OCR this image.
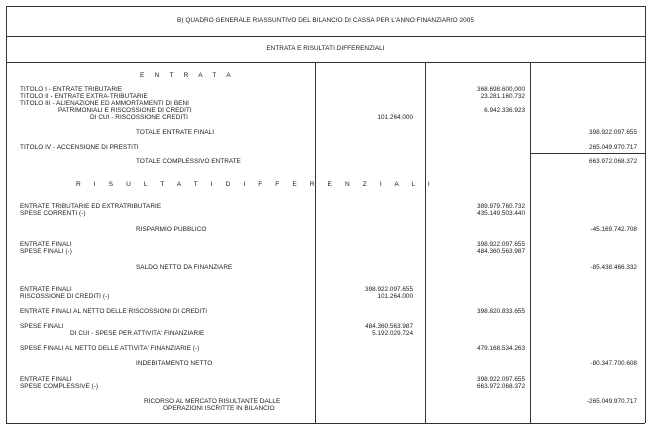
B) QUADRO GENERALE RIASSUNTIVO DEL BILANCIO DI CASSA PER L'ANNO FINANZIARIO 2005
ENTRATA E RISULTATI DIFFERENZIALI
E N T R A T A
TITOLO I - ENTRATE TRIBUTARIE	368.698.600,000
TITOLO II - ENTRATE EXTRA-TRIBUTARIE	23.281.160.732
TITOLO III - ALIENAZIONE ED AMMORTAMENTI DI BENI
PATRIMONIALI E RISCOSSIONE DI CREDITI	6.942.336.923
DI CUI - RISCOSSIONE CREDITI	101.264.000
TOTALE ENTRATE FINALI	398.922.097.655
TITOLO IV - ACCENSIONE DI PRESTITI	265.049.970.717
TOTALE COMPLESSIVO ENTRATE	663.972.068.372
R I S U L T A T I D I F F E R E N Z I A L I
ENTRATE TRIBUTARIE ED EXTRATRIBUTARIE	389.979.760.732
SPESE CORRENTI (-)	435.149.503.440
RISPARMIO PUBBLICO	-45.169.742.708
ENTRATE FINALI	398.922.097.655
SPESE FINALI (-)	484.360.563.987
SALDO NETTO DA FINANZIARE	-85.438.466.332
ENTRATE FINALI	398.922.097.655
RISCOSSIONE DI CREDITI (-)	101.264.000
ENTRATE FINALI AL NETTO DELLE RISCOSSIONI DI CREDITI	398.820.833.655
SPESE FINALI	484.360.563.987
DI CUI - SPESE PER ATTIVITA' FINANZIARIE	5.192.029.724
SPESE FINALI AL NETTO DELLE ATTIVITA' FINANZIARIE (-)	479.168.534.263
INDEBITAMENTO NETTO	-80.347.700.608
ENTRATE FINALI	398.922.097.655
SPESE COMPLESSIVE (-)	663.972.068.372
RICORSO AL MERCATO RISULTANTE DALLE
OPERAZIONI ISCRITTE IN BILANCIO
-265.049.970.717
